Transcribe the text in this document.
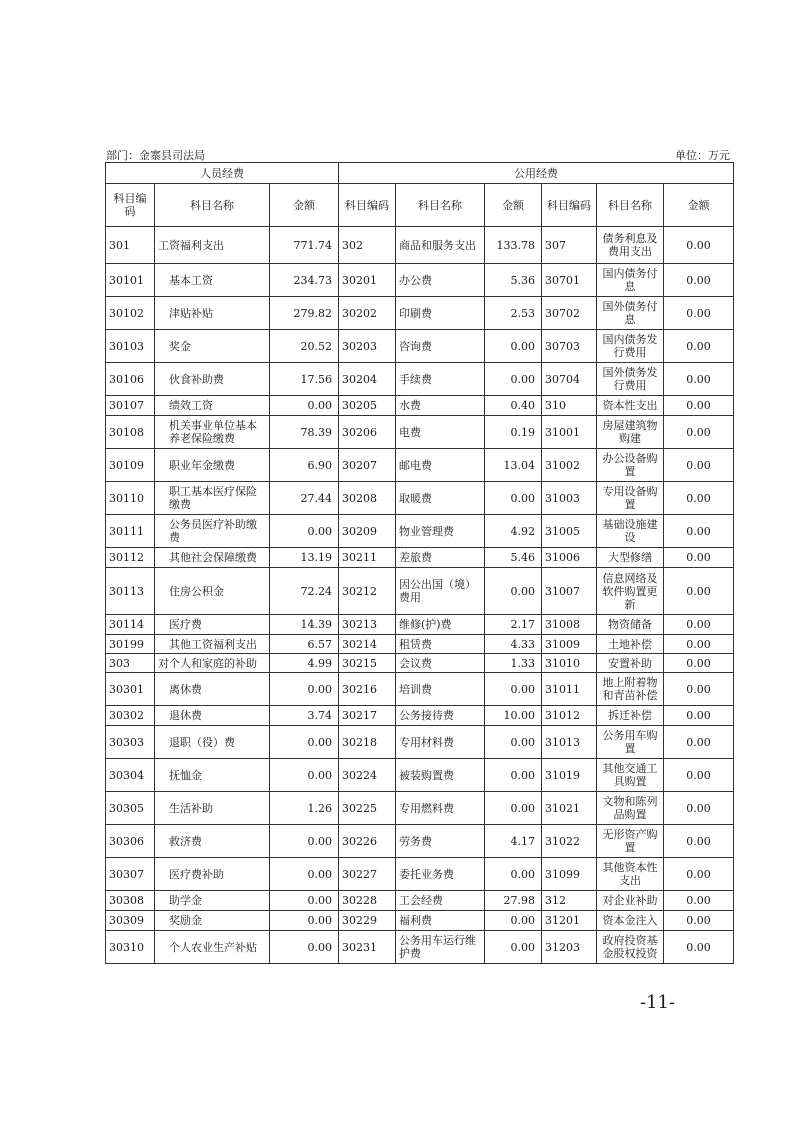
部门：金寨县司法局	单位：万元
人员经费			公用经费					
科目编码	科目名称	金额	科目编码	科目名称	金额	科目编码	科目名称	金额
301	工资福利支出	771.74	302	商品和服务支出	133.78	307	债务利息及费用支出	0.00
30101	基本工资	234.73	30201	办公费	5.36	30701	国内债务付息	0.00
30102	津贴补贴	279.82	30202	印刷费	2.53	30702	国外债务付息	0.00
30103	奖金	20.52	30203	咨询费	0.00	30703	国内债务发行费用	0.00
30106	伙食补助费	17.56	30204	手续费	0.00	30704	国外债务发行费用	0.00
30107	绩效工资	0.00	30205	水费	0.40	310	资本性支出	0.00
30108	机关事业单位基本养老保险缴费	78.39	30206	电费	0.19	31001	房屋建筑物购建	0.00
30109	职业年金缴费	6.90	30207	邮电费	13.04	31002	办公设备购置	0.00
30110	职工基本医疗保险缴费	27.44	30208	取暖费	0.00	31003	专用设备购置	0.00
30111	公务员医疗补助缴费	0.00	30209	物业管理费	4.92	31005	基础设施建设	0.00
30112	其他社会保障缴费	13.19	30211	差旅费	5.46	31006	大型修缮	0.00
30113	住房公积金	72.24	30212	因公出国（境）费用	0.00	31007	信息网络及软件购置更新	0.00
30114	医疗费	14.39	30213	维修(护)费	2.17	31008	物资储备	0.00
30199	其他工资福利支出	6.57	30214	租赁费	4.33	31009	土地补偿	0.00
303	对个人和家庭的补助	4.99	30215	会议费	1.33	31010	安置补助	0.00
30301	离休费	0.00	30216	培训费	0.00	31011	地上附着物和青苗补偿	0.00
30302	退休费	3.74	30217	公务接待费	10.00	31012	拆迁补偿	0.00
30303	退职（役）费	0.00	30218	专用材料费	0.00	31013	公务用车购置	0.00
30304	抚恤金	0.00	30224	被装购置费	0.00	31019	其他交通工具购置	0.00
30305	生活补助	1.26	30225	专用燃料费	0.00	31021	文物和陈列品购置	0.00
30306	救济费	0.00	30226	劳务费	4.17	31022	无形资产购置	0.00
30307	医疗费补助	0.00	30227	委托业务费	0.00	31099	其他资本性支出	0.00
30308	助学金	0.00	30228	工会经费	27.98	312	对企业补助	0.00
30309	奖励金	0.00	30229	福利费	0.00	31201	资本金注入	0.00
30310	个人农业生产补贴	0.00	30231	公务用车运行维护费	0.00	31203	政府投资基金股权投资	0.00
-11-
